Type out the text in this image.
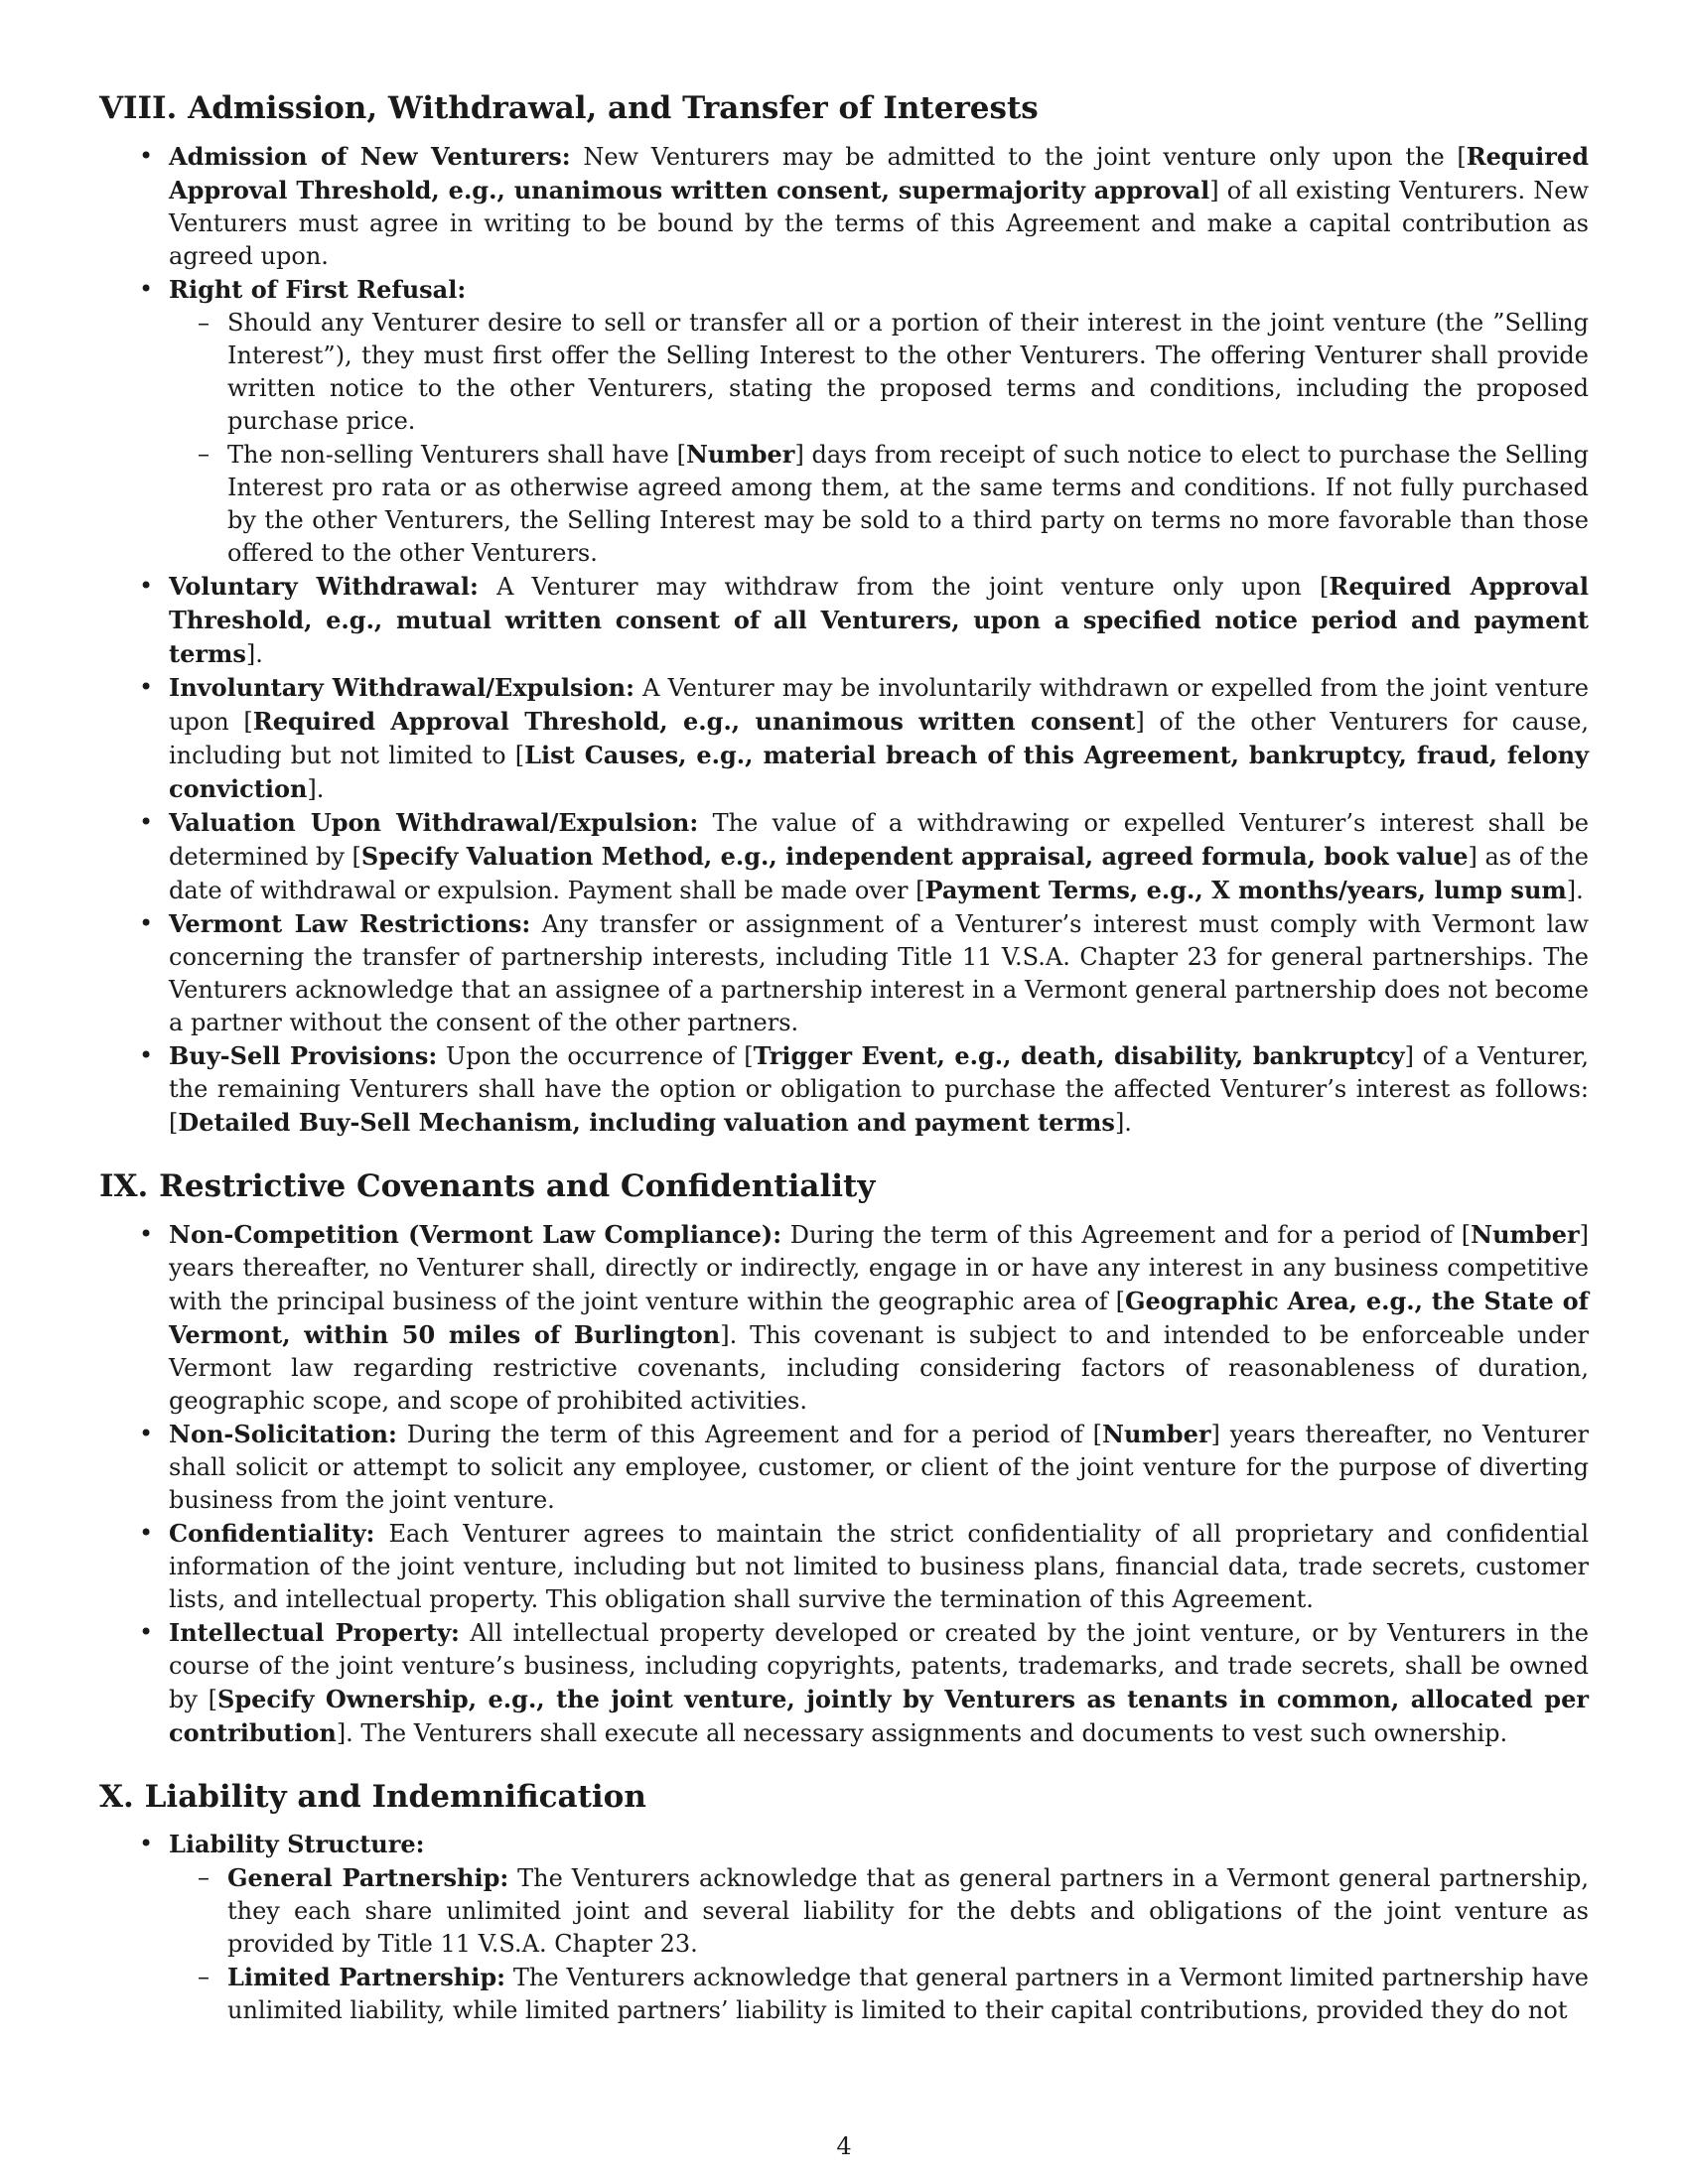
VIII. Admission, Withdrawal, and Transfer of Interests
• Admission of New Venturers: New Venturers may be admitted to the joint venture only upon the [Required Approval Threshold, e.g., unanimous written consent, supermajority approval] of all existing Venturers. New Venturers must agree in writing to be bound by the terms of this Agreement and make a capital contribution as agreed upon.
• Right of First Refusal:
– Should any Venturer desire to sell or transfer all or a portion of their interest in the joint venture (the ”Selling Interest”), they must first offer the Selling Interest to the other Venturers. The offering Venturer shall provide written notice to the other Venturers, stating the proposed terms and conditions, including the proposed purchase price.
– The non-selling Venturers shall have [Number] days from receipt of such notice to elect to purchase the Selling Interest pro rata or as otherwise agreed among them, at the same terms and conditions. If not fully purchased by the other Venturers, the Selling Interest may be sold to a third party on terms no more favorable than those offered to the other Venturers.
• Voluntary Withdrawal: A Venturer may withdraw from the joint venture only upon [Required Approval Threshold, e.g., mutual written consent of all Venturers, upon a specified notice period and payment terms].
• Involuntary Withdrawal/Expulsion: A Venturer may be involuntarily withdrawn or expelled from the joint venture upon [Required Approval Threshold, e.g., unanimous written consent] of the other Venturers for cause, including but not limited to [List Causes, e.g., material breach of this Agreement, bankruptcy, fraud, felony conviction].
• Valuation Upon Withdrawal/Expulsion: The value of a withdrawing or expelled Venturer’s interest shall be determined by [Specify Valuation Method, e.g., independent appraisal, agreed formula, book value] as of the date of withdrawal or expulsion. Payment shall be made over [Payment Terms, e.g., X months/years, lump sum].
• Vermont Law Restrictions: Any transfer or assignment of a Venturer’s interest must comply with Vermont law concerning the transfer of partnership interests, including Title 11 V.S.A. Chapter 23 for general partnerships. The Venturers acknowledge that an assignee of a partnership interest in a Vermont general partnership does not become a partner without the consent of the other partners.
• Buy-Sell Provisions: Upon the occurrence of [Trigger Event, e.g., death, disability, bankruptcy] of a Venturer, the remaining Venturers shall have the option or obligation to purchase the affected Venturer’s interest as follows: [Detailed Buy-Sell Mechanism, including valuation and payment terms].
IX. Restrictive Covenants and Confidentiality
• Non-Competition (Vermont Law Compliance): During the term of this Agreement and for a period of [Number] years thereafter, no Venturer shall, directly or indirectly, engage in or have any interest in any business competitive with the principal business of the joint venture within the geographic area of [Geographic Area, e.g., the State of Vermont, within 50 miles of Burlington]. This covenant is subject to and intended to be enforceable under Vermont law regarding restrictive covenants, including considering factors of reasonableness of duration, geographic scope, and scope of prohibited activities.
• Non-Solicitation: During the term of this Agreement and for a period of [Number] years thereafter, no Venturer shall solicit or attempt to solicit any employee, customer, or client of the joint venture for the purpose of diverting business from the joint venture.
• Confidentiality: Each Venturer agrees to maintain the strict confidentiality of all proprietary and confidential information of the joint venture, including but not limited to business plans, financial data, trade secrets, customer lists, and intellectual property. This obligation shall survive the termination of this Agreement.
• Intellectual Property: All intellectual property developed or created by the joint venture, or by Venturers in the course of the joint venture’s business, including copyrights, patents, trademarks, and trade secrets, shall be owned by [Specify Ownership, e.g., the joint venture, jointly by Venturers as tenants in common, allocated per contribution]. The Venturers shall execute all necessary assignments and documents to vest such ownership.
X. Liability and Indemnification
• Liability Structure:
– General Partnership: The Venturers acknowledge that as general partners in a Vermont general partnership, they each share unlimited joint and several liability for the debts and obligations of the joint venture as provided by Title 11 V.S.A. Chapter 23.
– Limited Partnership: The Venturers acknowledge that general partners in a Vermont limited partnership have unlimited liability, while limited partners’ liability is limited to their capital contributions, provided they do not
4
